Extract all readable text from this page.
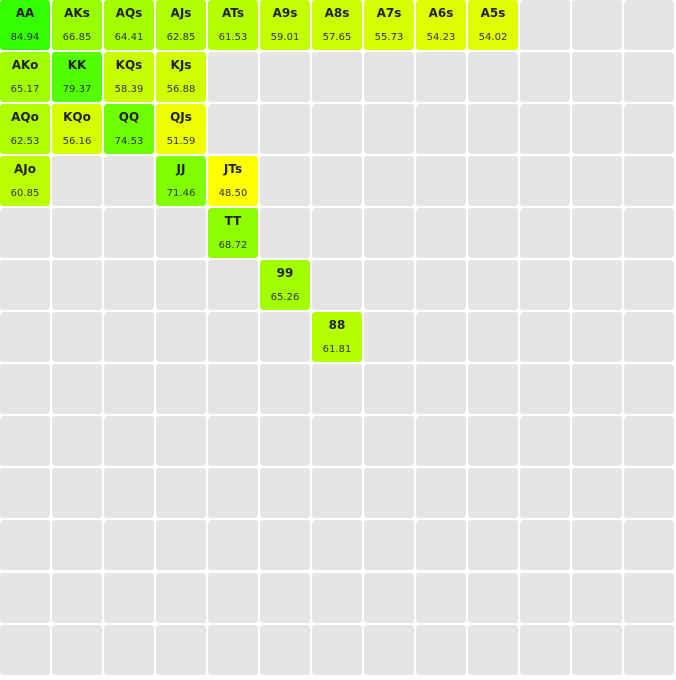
AA
84.94
AKs
66.85
AQs
64.41
AJs
62.85
ATs
61.53
A9s
59.01
A8s
57.65
A7s
55.73
A6s
54.23
A5s
54.02
AKo
65.17
KK
79.37
KQs
58.39
KJs
56.88
AQo
62.53
KQo
56.16
QQ
74.53
QJs
51.59
AJo
60.85
JJ
71.46
JTs
48.50
TT
68.72
99
65.26
88
61.81
